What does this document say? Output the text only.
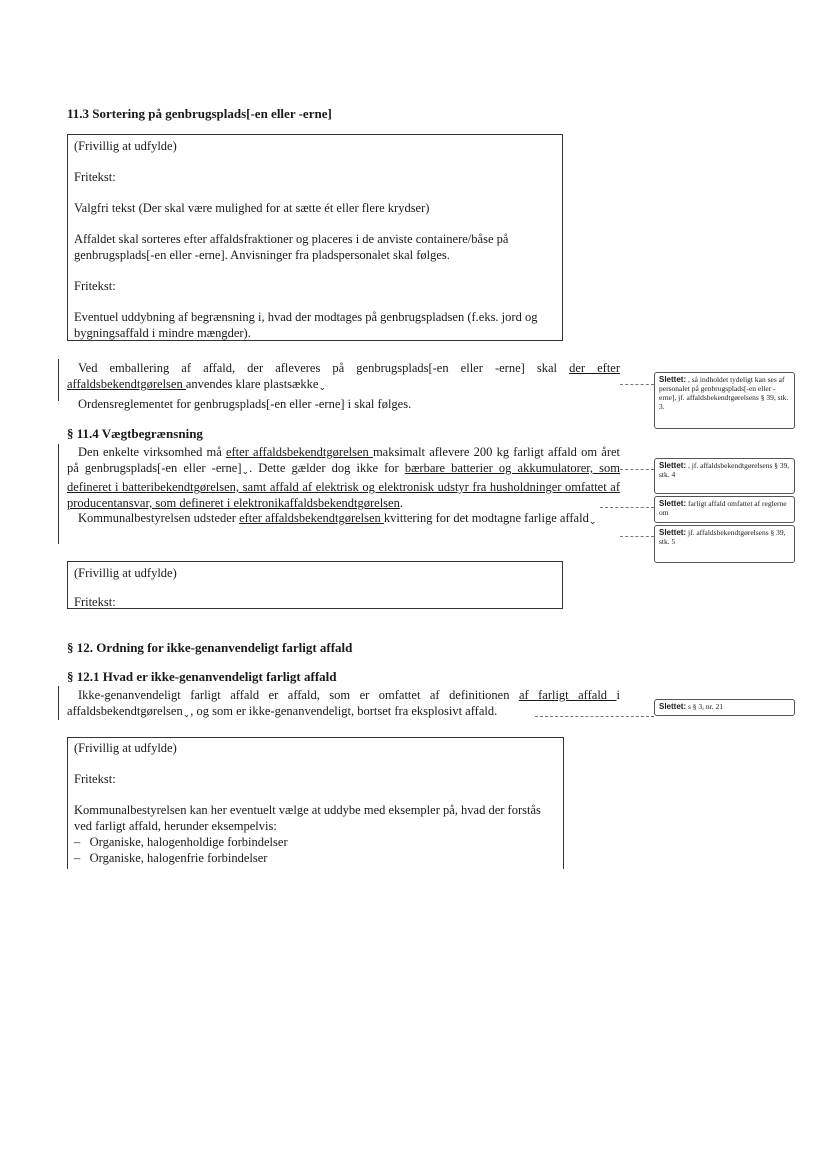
11.3 Sortering på genbrugsplads[-en eller -erne]

(Frivillig at udfylde)

Fritekst:

Valgfri tekst (Der skal være mulighed for at sætte ét eller flere krydser)

Affaldet skal sorteres efter affaldsfraktioner og placeres i de anviste containere/båse på genbrugsplads[-en eller -erne]. Anvisninger fra pladspersonalet skal følges.

Fritekst:

Eventuel uddybning af begrænsning i, hvad der modtages på genbrugspladsen (f.eks. jord og bygningsaffald i mindre mængder).

Ved emballering af affald, der afleveres på genbrugsplads[-en eller -erne] skal der efter affaldsbekendtgørelsen anvendes klare plastsække⌄

Ordensreglementet for genbrugsplads[-en eller -erne] i skal følges.

§ 11.4 Vægtbegrænsning

Den enkelte virksomhed må efter affaldsbekendtgørelsen maksimalt aflevere 200 kg farligt affald om året på genbrugsplads[-en eller -erne]⌄. Dette gælder dog ikke for bærbare batterier og akkumulatorer, som defineret i batteribekendtgørelsen, samt affald af elektrisk og elektronisk udstyr fra husholdninger omfattet af producentansvar, som defineret i elektronikaffaldsbekendtgørelsen.

Kommunalbestyrelsen udsteder efter affaldsbekendtgørelsen kvittering for det modtagne farlige affald⌄

(Frivillig at udfylde)

Fritekst:

§ 12. Ordning for ikke-genanvendeligt farligt affald
§ 12.1 Hvad er ikke-genanvendeligt farligt affald

Ikke-genanvendeligt farligt affald er affald, som er omfattet af definitionen af farligt affald i affaldsbekendtgørelsen⌄, og som er ikke-genanvendeligt, bortset fra eksplosivt affald.

(Frivillig at udfylde)

Fritekst:

Kommunalbestyrelsen kan her eventuelt vælge at uddybe med eksempler på, hvad der forstås ved farligt affald, herunder eksempelvis:

– Organiske, halogenholdige forbindelser
– Organiske, halogenfrie forbindelser
Slettet: , så indholdet tydeligt kan ses af personalet på genbrugsplads[-en eller -erne], jf. affaldsbekendtgørelsens § 39, stk. 3.
Slettet: , jf. affaldsbekendtgørelsens § 39, stk. 4
Slettet: farligt affald omfattet af reglerne om
Slettet: jf. affaldsbekendtgørelsens § 39, stk. 5
Slettet: s § 3, nr. 21
